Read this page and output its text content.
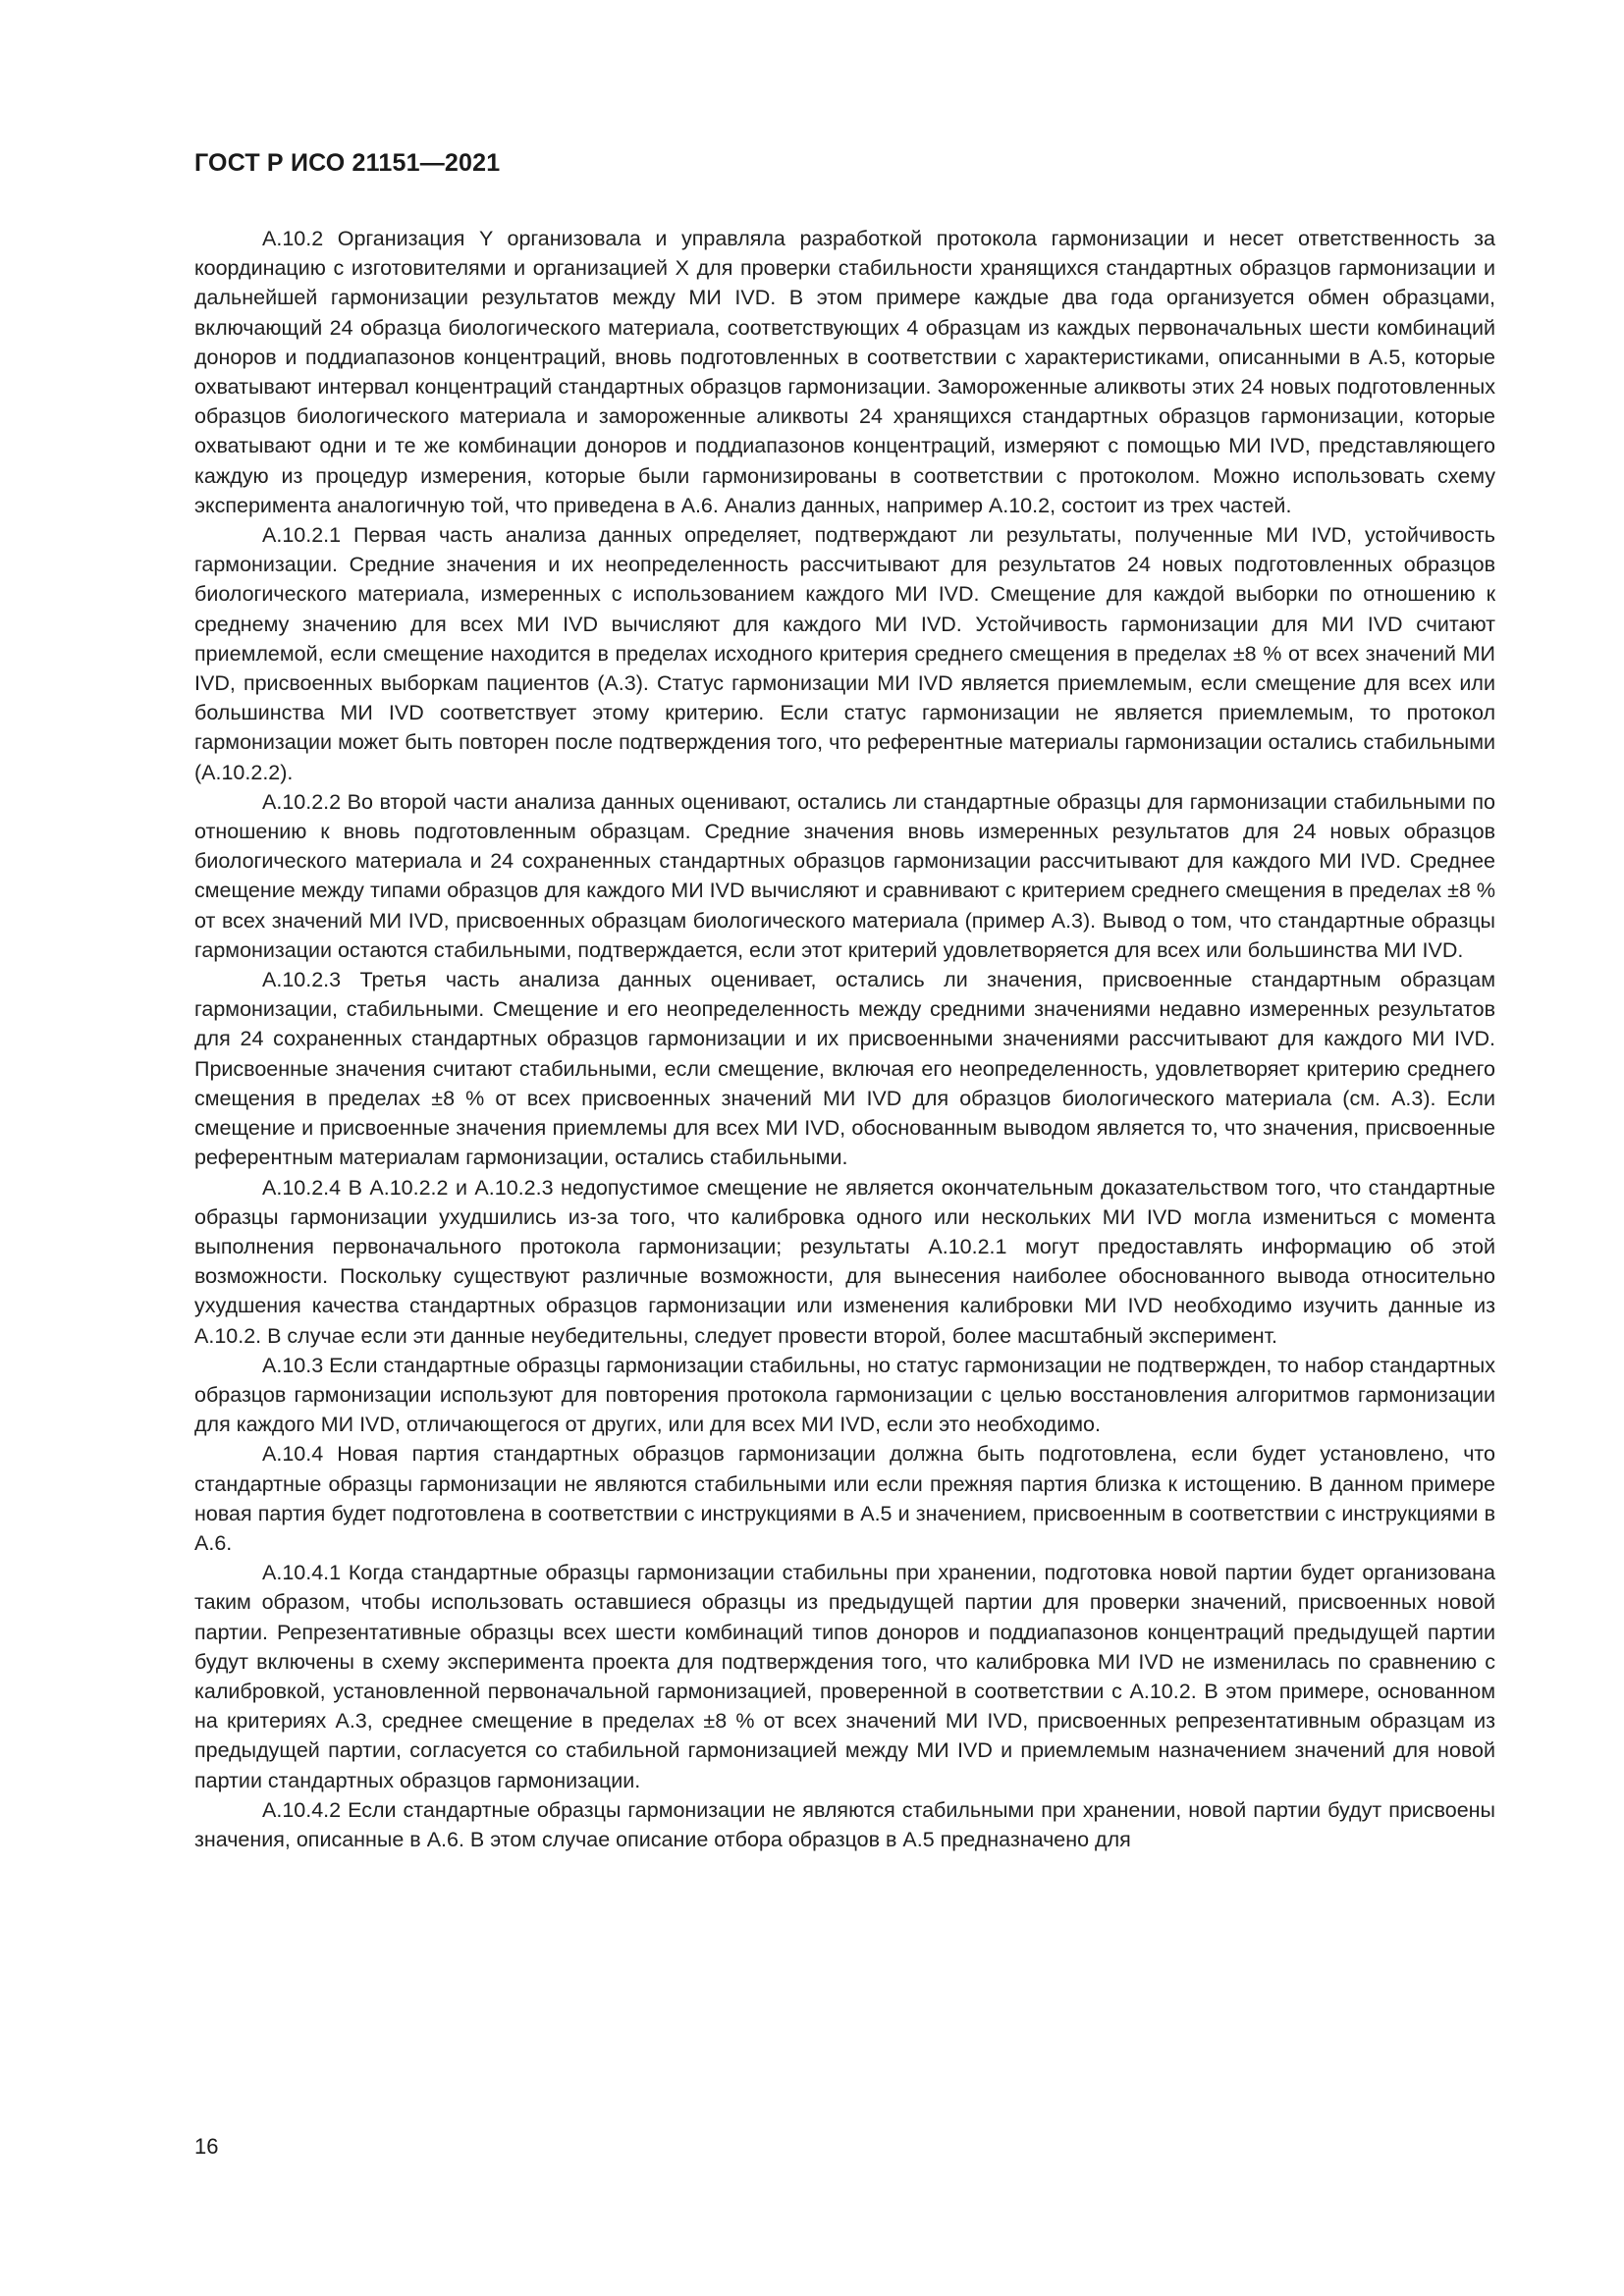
ГОСТ Р ИСО 21151—2021

A.10.2 Организация Y организовала и управляла разработкой протокола гармонизации и несет ответственность за координацию с изготовителями и организацией X для проверки стабильности хранящихся стандартных образцов гармонизации и дальнейшей гармонизации результатов между МИ IVD. В этом примере каждые два года организуется обмен образцами, включающий 24 образца биологического материала, соответствующих 4 образцам из каждых первоначальных шести комбинаций доноров и поддиапазонов концентраций, вновь подготовленных в соответствии с характеристиками, описанными в А.5, которые охватывают интервал концентраций стандартных образцов гармонизации. Замороженные аликвоты этих 24 новых подготовленных образцов биологического материала и замороженные аликвоты 24 хранящихся стандартных образцов гармонизации, которые охватывают одни и те же комбинации доноров и поддиапазонов концентраций, измеряют с помощью МИ IVD, представляющего каждую из процедур измерения, которые были гармонизированы в соответствии с протоколом. Можно использовать схему эксперимента аналогичную той, что приведена в А.6. Анализ данных, например А.10.2, состоит из трех частей.

A.10.2.1 Первая часть анализа данных определяет, подтверждают ли результаты, полученные МИ IVD, устойчивость гармонизации. Средние значения и их неопределенность рассчитывают для результатов 24 новых подготовленных образцов биологического материала, измеренных с использованием каждого МИ IVD. Смещение для каждой выборки по отношению к среднему значению для всех МИ IVD вычисляют для каждого МИ IVD. Устойчивость гармонизации для МИ IVD считают приемлемой, если смещение находится в пределах исходного критерия среднего смещения в пределах ±8 % от всех значений МИ IVD, присвоенных выборкам пациентов (А.3). Статус гармонизации МИ IVD является приемлемым, если смещение для всех или большинства МИ IVD соответствует этому критерию. Если статус гармонизации не является приемлемым, то протокол гармонизации может быть повторен после подтверждения того, что референтные материалы гармонизации остались стабильными (А.10.2.2).

A.10.2.2 Во второй части анализа данных оценивают, остались ли стандартные образцы для гармонизации стабильными по отношению к вновь подготовленным образцам. Средние значения вновь измеренных результатов для 24 новых образцов биологического материала и 24 сохраненных стандартных образцов гармонизации рассчитывают для каждого МИ IVD. Среднее смещение между типами образцов для каждого МИ IVD вычисляют и сравнивают с критерием среднего смещения в пределах ±8 % от всех значений МИ IVD, присвоенных образцам биологического материала (пример А.3). Вывод о том, что стандартные образцы гармонизации остаются стабильными, подтверждается, если этот критерий удовлетворяется для всех или большинства МИ IVD.

A.10.2.3 Третья часть анализа данных оценивает, остались ли значения, присвоенные стандартным образцам гармонизации, стабильными. Смещение и его неопределенность между средними значениями недавно измеренных результатов для 24 сохраненных стандартных образцов гармонизации и их присвоенными значениями рассчитывают для каждого МИ IVD. Присвоенные значения считают стабильными, если смещение, включая его неопределенность, удовлетворяет критерию среднего смещения в пределах ±8 % от всех присвоенных значений МИ IVD для образцов биологического материала (см. А.3). Если смещение и присвоенные значения приемлемы для всех МИ IVD, обоснованным выводом является то, что значения, присвоенные референтным материалам гармонизации, остались стабильными.

A.10.2.4 В А.10.2.2 и А.10.2.3 недопустимое смещение не является окончательным доказательством того, что стандартные образцы гармонизации ухудшились из-за того, что калибровка одного или нескольких МИ IVD могла измениться с момента выполнения первоначального протокола гармонизации; результаты А.10.2.1 могут предоставлять информацию об этой возможности. Поскольку существуют различные возможности, для вынесения наиболее обоснованного вывода относительно ухудшения качества стандартных образцов гармонизации или изменения калибровки МИ IVD необходимо изучить данные из А.10.2. В случае если эти данные неубедительны, следует провести второй, более масштабный эксперимент.

A.10.3 Если стандартные образцы гармонизации стабильны, но статус гармонизации не подтвержден, то набор стандартных образцов гармонизации используют для повторения протокола гармонизации с целью восстановления алгоритмов гармонизации для каждого МИ IVD, отличающегося от других, или для всех МИ IVD, если это необходимо.

A.10.4 Новая партия стандартных образцов гармонизации должна быть подготовлена, если будет установлено, что стандартные образцы гармонизации не являются стабильными или если прежняя партия близка к истощению. В данном примере новая партия будет подготовлена в соответствии с инструкциями в А.5 и значением, присвоенным в соответствии с инструкциями в А.6.

A.10.4.1 Когда стандартные образцы гармонизации стабильны при хранении, подготовка новой партии будет организована таким образом, чтобы использовать оставшиеся образцы из предыдущей партии для проверки значений, присвоенных новой партии. Репрезентативные образцы всех шести комбинаций типов доноров и поддиапазонов концентраций предыдущей партии будут включены в схему эксперимента проекта для подтверждения того, что калибровка МИ IVD не изменилась по сравнению с калибровкой, установленной первоначальной гармонизацией, проверенной в соответствии с А.10.2. В этом примере, основанном на критериях А.3, среднее смещение в пределах ±8 % от всех значений МИ IVD, присвоенных репрезентативным образцам из предыдущей партии, согласуется со стабильной гармонизацией между МИ IVD и приемлемым назначением значений для новой партии стандартных образцов гармонизации.

A.10.4.2 Если стандартные образцы гармонизации не являются стабильными при хранении, новой партии будут присвоены значения, описанные в А.6. В этом случае описание отбора образцов в А.5 предназначено для

16
